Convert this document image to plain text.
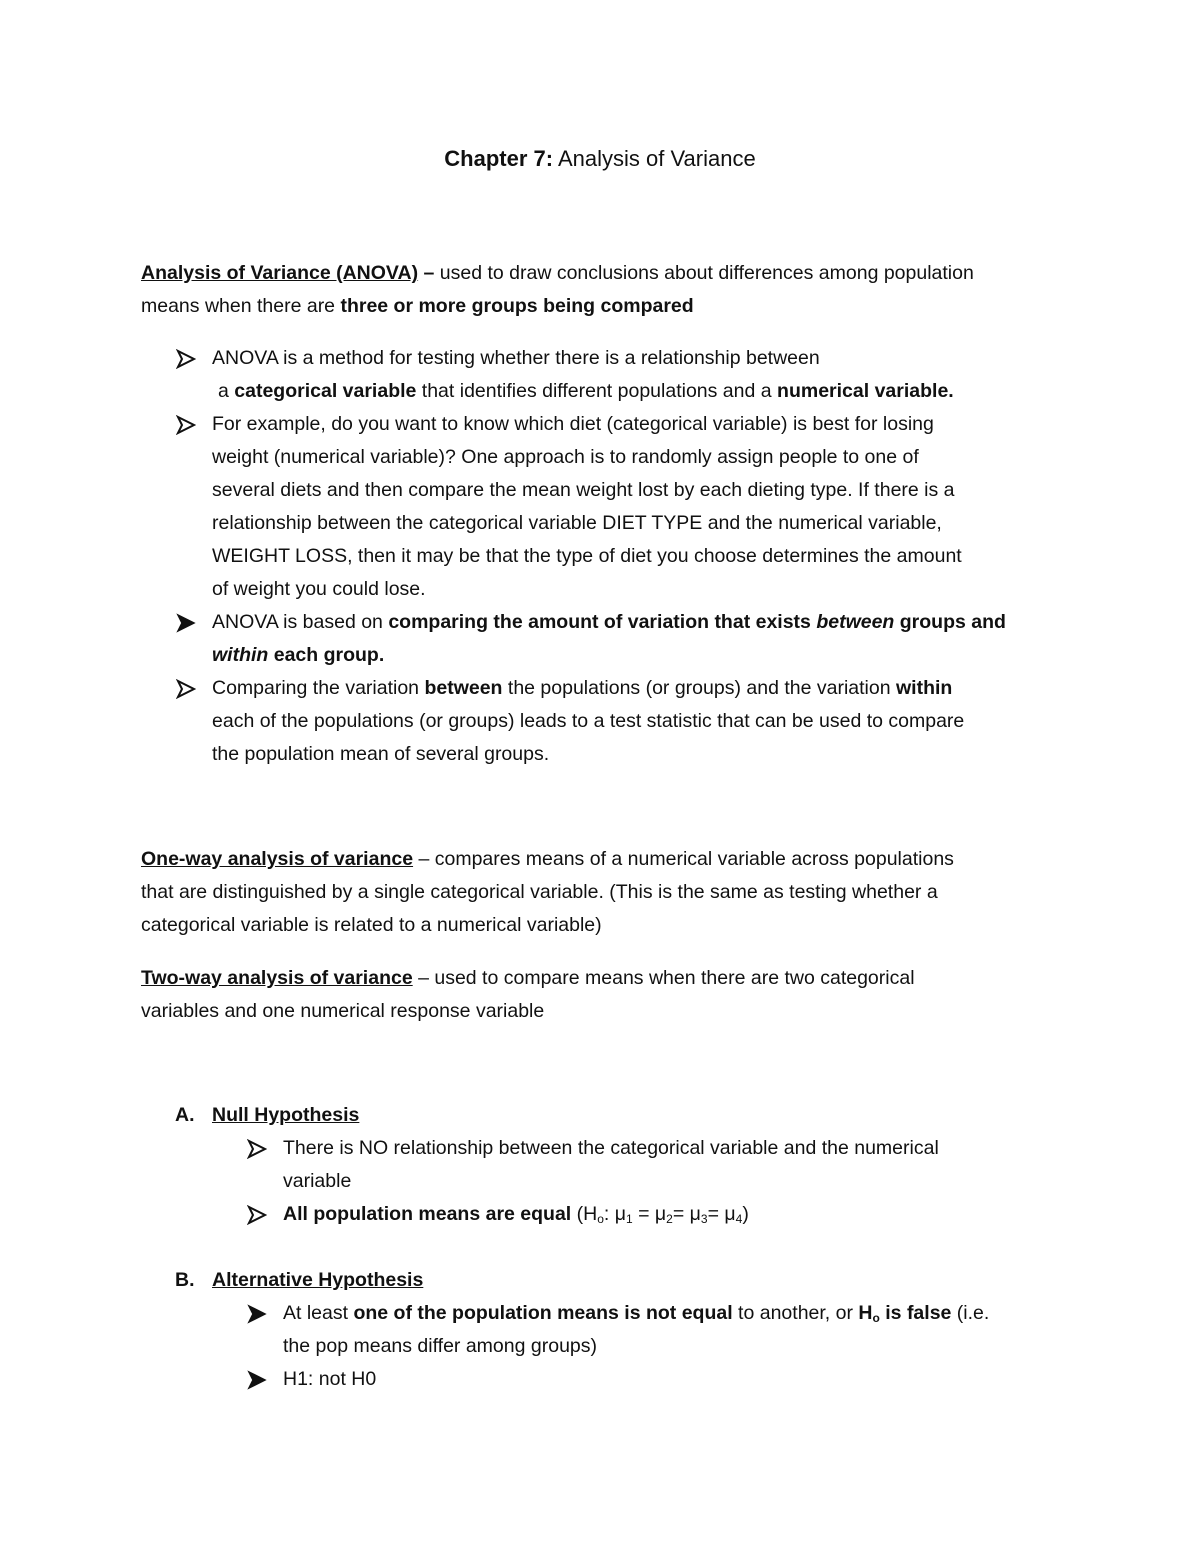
Chapter 7: Analysis of Variance
Analysis of Variance (ANOVA) – used to draw conclusions about differences among population
means when there are three or more groups being compared
ANOVA is a method for testing whether there is a relationship between
a categorical variable that identifies different populations and a numerical variable.
For example, do you want to know which diet (categorical variable) is best for losing
weight (numerical variable)? One approach is to randomly assign people to one of
several diets and then compare the mean weight lost by each dieting type. If there is a
relationship between the categorical variable DIET TYPE and the numerical variable,
WEIGHT LOSS, then it may be that the type of diet you choose determines the amount
of weight you could lose.
ANOVA is based on comparing the amount of variation that exists between groups and
within each group.
Comparing the variation between the populations (or groups) and the variation within
each of the populations (or groups) leads to a test statistic that can be used to compare
the population mean of several groups.
One-way analysis of variance – compares means of a numerical variable across populations
that are distinguished by a single categorical variable. (This is the same as testing whether a
categorical variable is related to a numerical variable)
Two-way analysis of variance – used to compare means when there are two categorical
variables and one numerical response variable
A. Null Hypothesis
There is NO relationship between the categorical variable and the numerical
variable
All population means are equal ($H_o$: $\mu_1 = \mu_2= \mu_3= \mu_4$)
B. Alternative Hypothesis
At least one of the population means is not equal to another, or $H_o$ is false (i.e.
the pop means differ among groups)
H1: not H0
